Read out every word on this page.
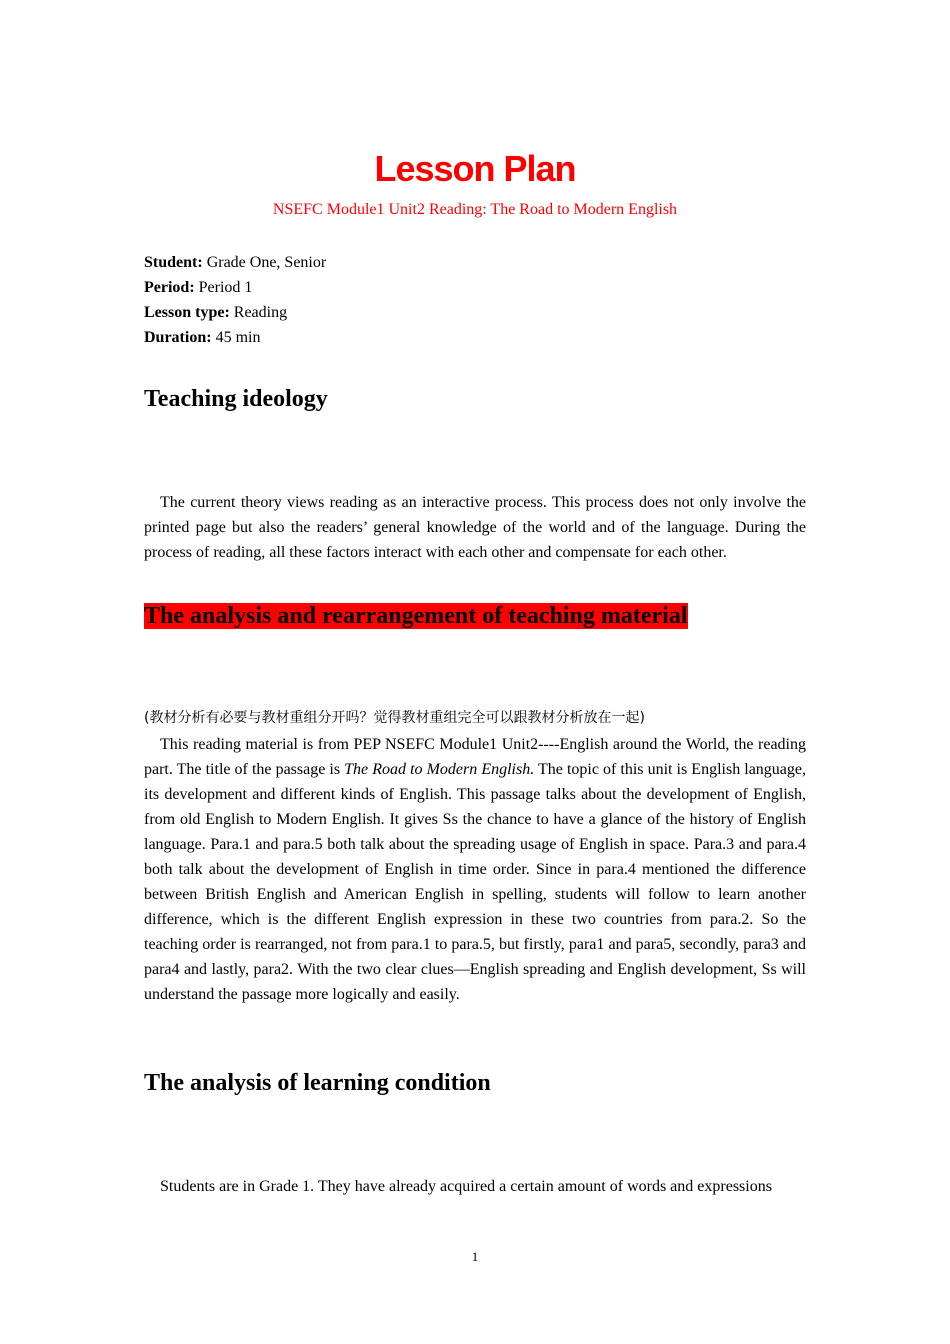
Lesson Plan
NSEFC Module1 Unit2 Reading: The Road to Modern English
Student: Grade One, Senior
Period: Period 1
Lesson type: Reading
Duration: 45 min
Teaching ideology
The current theory views reading as an interactive process. This process does not only involve the printed page but also the readers’ general knowledge of the world and of the language. During the process of reading, all these factors interact with each other and compensate for each other.
The analysis and rearrangement of teaching material
(教材分析有必要与教材重组分开吗？觉得教材重组完全可以跟教材分析放在一起)
This reading material is from PEP NSEFC Module1 Unit2----English around the World, the reading part. The title of the passage is The Road to Modern English. The topic of this unit is English language, its development and different kinds of English. This passage talks about the development of English, from old English to Modern English. It gives Ss the chance to have a glance of the history of English language. Para.1 and para.5 both talk about the spreading usage of English in space. Para.3 and para.4 both talk about the development of English in time order. Since in para.4 mentioned the difference between British English and American English in spelling, students will follow to learn another difference, which is the different English expression in these two countries from para.2. So the teaching order is rearranged, not from para.1 to para.5, but firstly, para1 and para5, secondly, para3 and para4 and lastly, para2. With the two clear clues—English spreading and English development, Ss will understand the passage more logically and easily.
The analysis of learning condition
Students are in Grade 1. They have already acquired a certain amount of words and expressions
1
